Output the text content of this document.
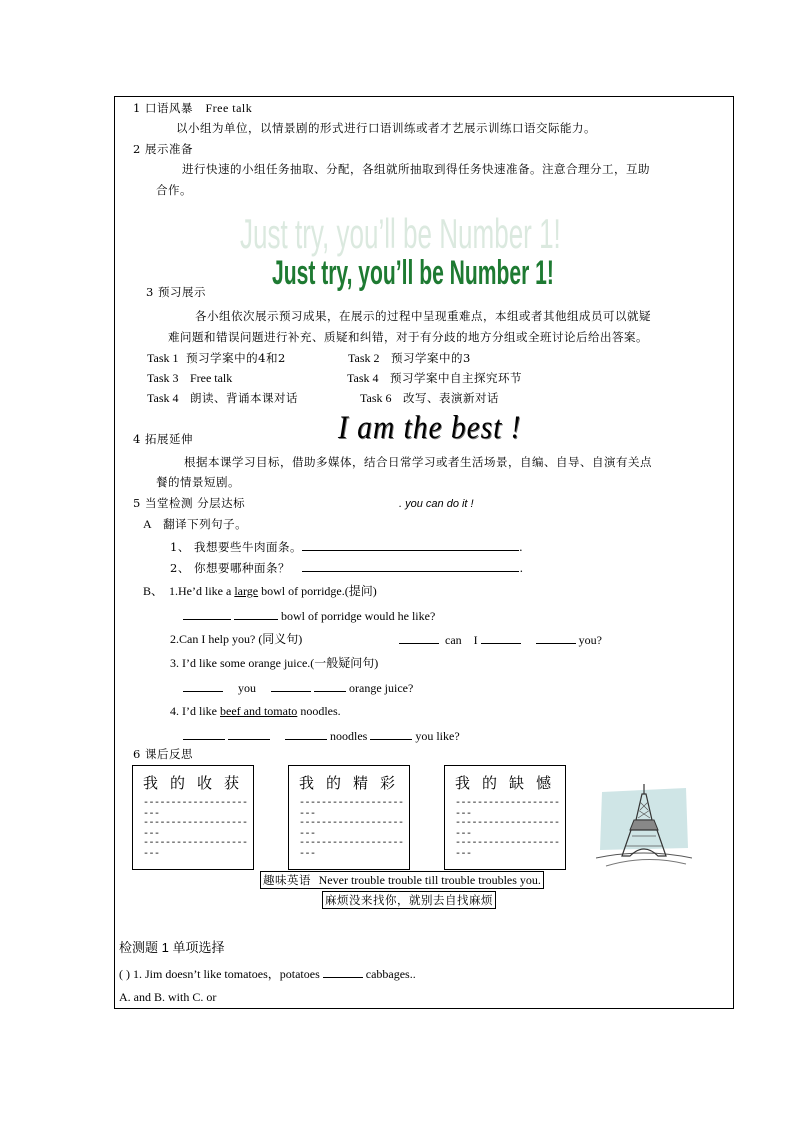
1 口语风暴 Free talk
以小组为单位，以情景剧的形式进行口语训练或者才艺展示训练口语交际能力。
2 展示准备
进行快速的小组任务抽取、分配，各组就所抽取到得任务快速准备。注意合理分工，互助
合作。
Just try, you’ll be Number 1!
Just try, you’ll be Number 1!
3 预习展示
各小组依次展示预习成果，在展示的过程中呈现重难点，本组或者其他组成员可以就疑
难问题和错误问题进行补充、质疑和纠错，对于有分歧的地方分组或全班讨论后给出答案。
Task 1 预习学案中的4和2	Task 2 预习学案中的3
Task 3 Free talk	Task 4 预习学案中自主探究环节
Task 4 朗读、背诵本课对话	Task 6 改写、表演新对话
4 拓展延伸	I am the best !
根据本课学习目标，借助多媒体，结合日常学习或者生活场景，自编、自导、自演有关点
餐的情景短剧。
5 当堂检测 分层达标	. you can do it !
A 翻译下列句子。
1、 我想要些牛肉面条。	.
2、 你想要哪种面条？	.
B、 1.He’d like a large bowl of porridge.(提问)
bowl of porridge would he like?
2.Can I help you? (同义句)	can I	you?
3. I’d like some orange juice.(一般疑问句)
you	orange juice?
4. I’d like beef and tomato noodles.
noodles	you like?
6 课后反思
我的收获
----------------------
----------------------
----------------------
我的精彩
----------------------
----------------------
----------------------
我的缺憾
----------------------
----------------------
----------------------
趣味英语 Never trouble trouble till trouble troubles you.
麻烦没来找你，就别去自找麻烦
检测题 1 单项选择
( ) 1. Jim doesn’t like tomatoes，potatoes	cabbages..
A. and B. with C. or
